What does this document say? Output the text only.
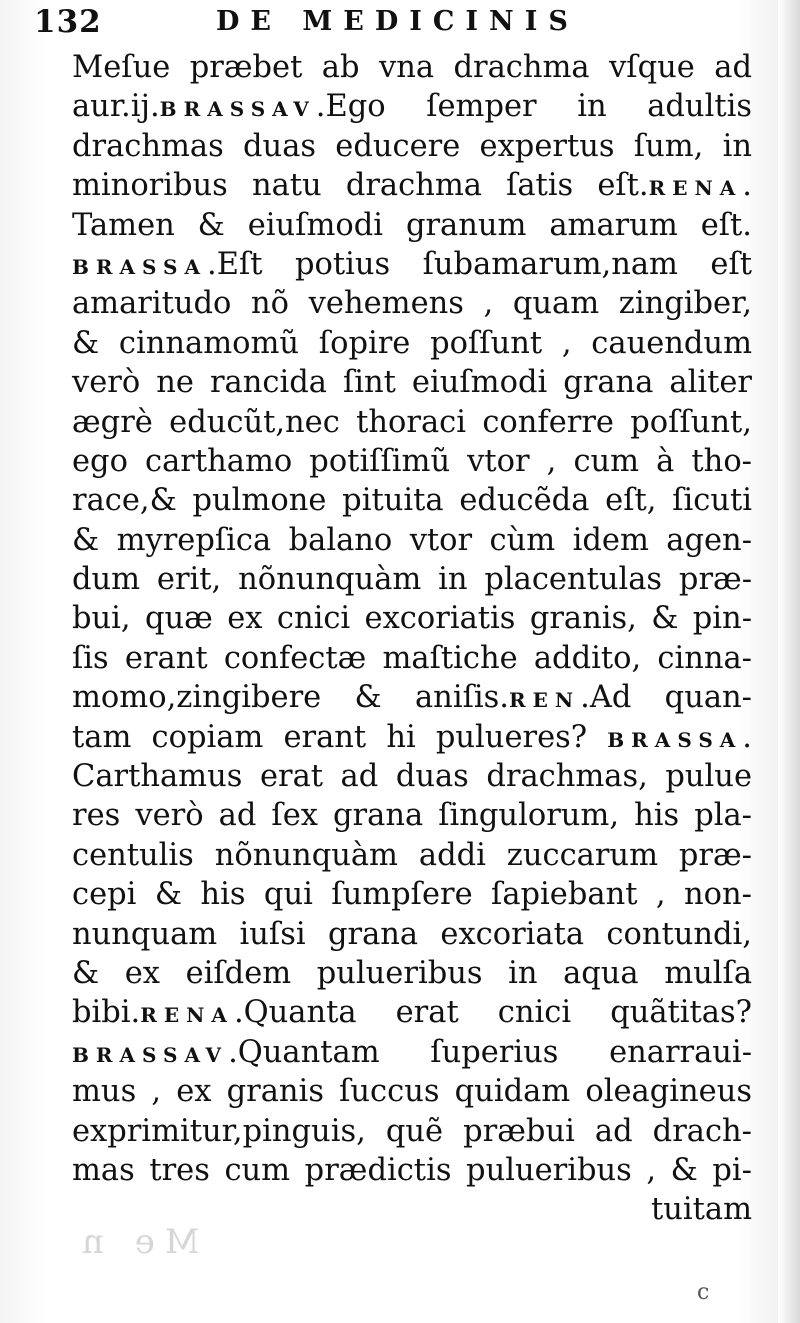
132	DE MEDICINIS
Meſue præbet ab vna drachma vſque ad
aur.ij.BRASSAV.Ego ſemper in adultis
drachmas duas educere expertus ſum, in
minoribus natu drachma ſatis eſt.RENA.
Tamen & eiuſmodi granum amarum eſt.
BRASSA.Eſt potius ſubamarum,nam eſt
amaritudo nõ vehemens , quam zingiber,
& cinnamomũ ſopire poſſunt , cauendum
verò ne rancida ſint eiuſmodi grana aliter
ægrè educũt,nec thoraci conferre poſſunt,
ego carthamo potiſſimũ vtor , cum à tho-
race,& pulmone pituita educẽda eſt, ſicuti
& myrepſica balano vtor cùm idem agen-
dum erit, nõnunquàm in placentulas præ-
bui, quæ ex cnici excoriatis granis, & pin-
ſis erant confectæ maſtiche addito, cinna-
momo,zingibere & aniſis.REN.Ad quan-
tam copiam erant hi pulueres? BRASSA.
Carthamus erat ad duas drachmas, pulue
res verò ad ſex grana ſingulorum, his pla-
centulis nõnunquàm addi zuccarum præ-
cepi & his qui ſumpſere ſapiebant , non-
nunquam iuſsi grana excoriata contundi,
& ex eiſdem pulueribus in aqua mulſa
bibi.RENA.Quanta erat cnici quãtitas?
BRASSAV.Quantam ſuperius enarraui-
mus , ex granis ſuccus quidam oleagineus
exprimitur,pinguis, quẽ præbui ad drach-
mas tres cum prædictis pulueribus , & pi-
tuitam
Me n
c
